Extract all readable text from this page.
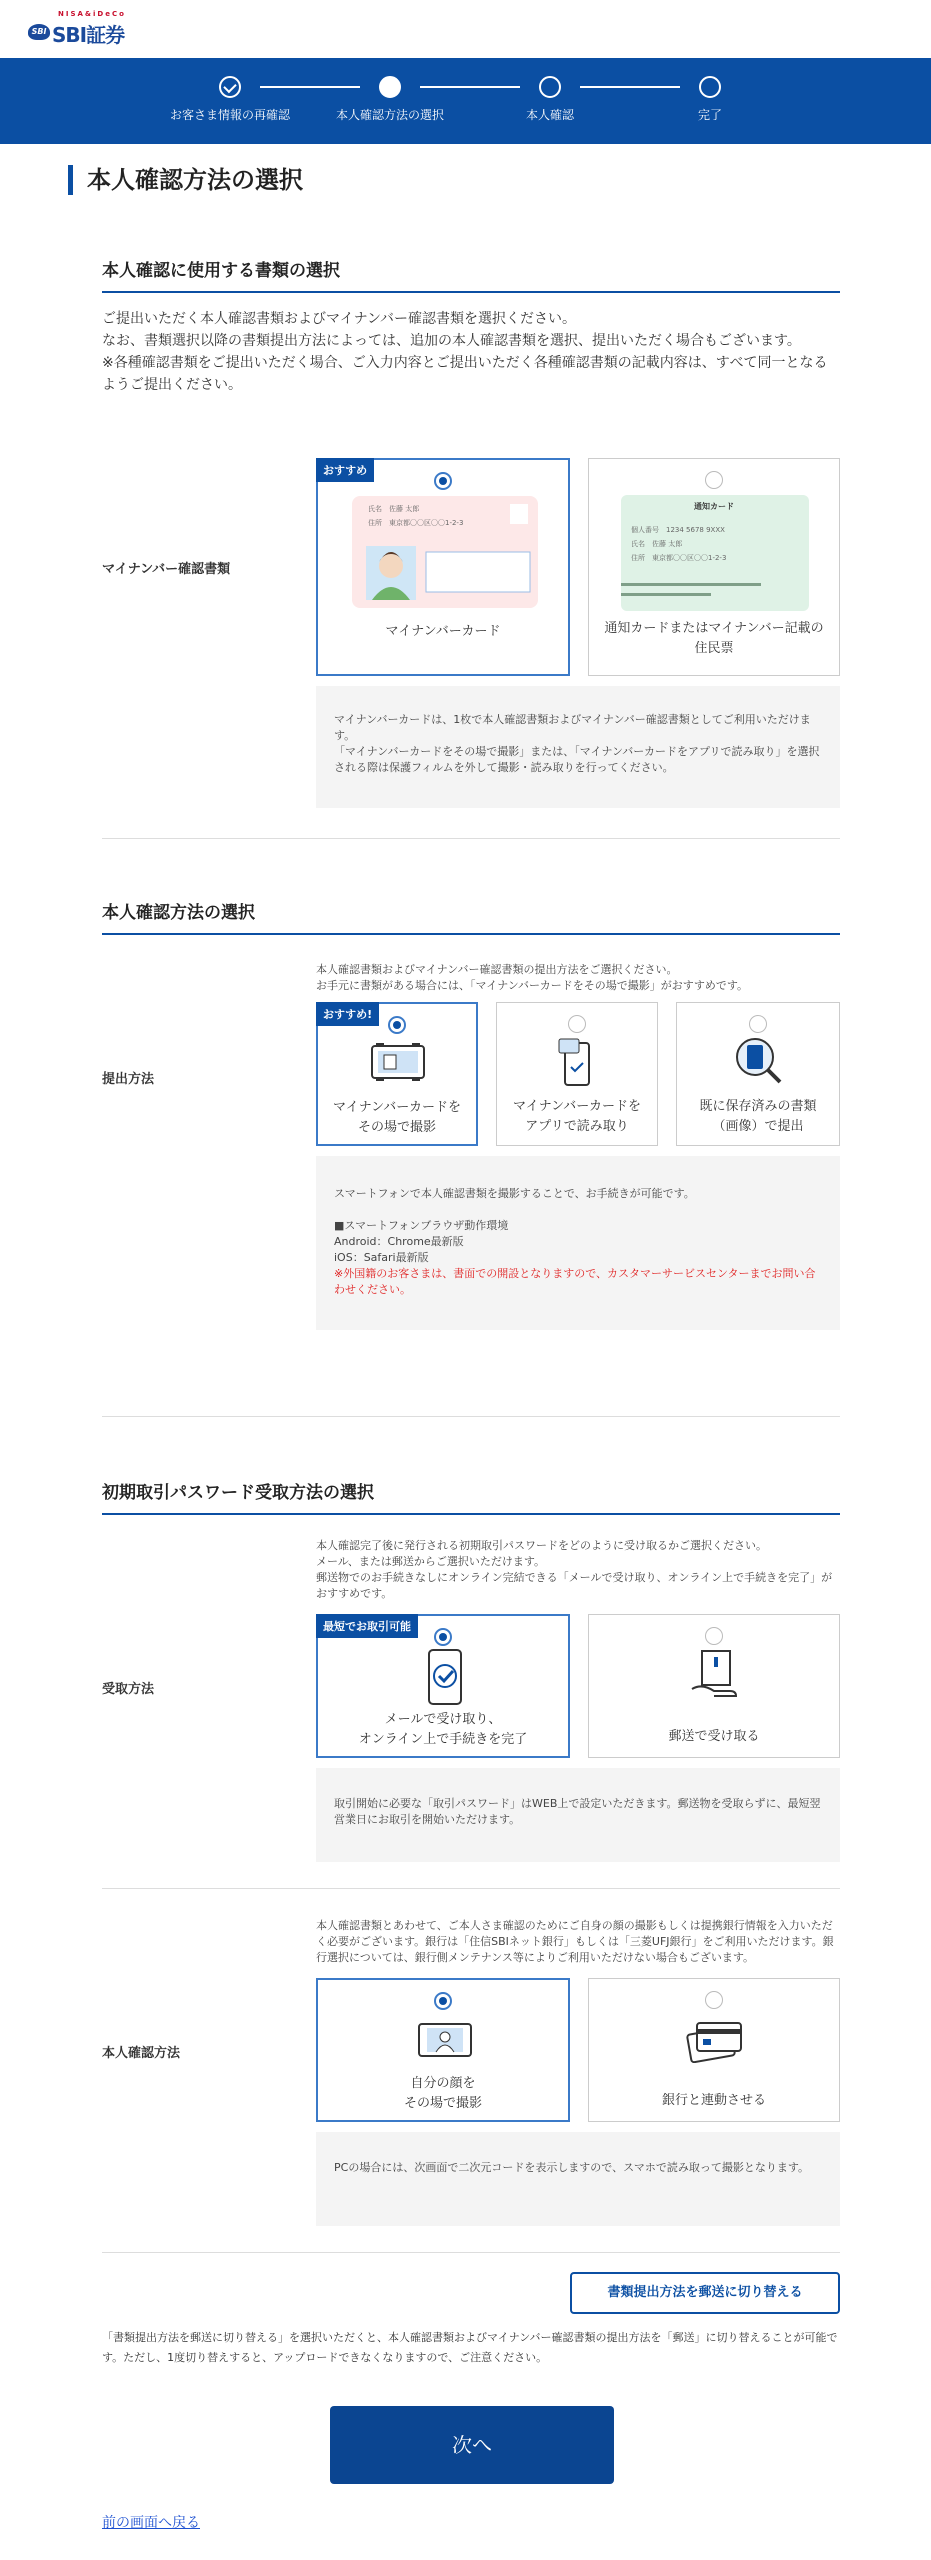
NISA&iDeCo
SBI SBI証券
お客さま情報の再確認	本人確認方法の選択	本人確認	完了
本人確認方法の選択
本人確認に使用する書類の選択
ご提出いただく本人確認書類およびマイナンバー確認書類を選択ください。
なお、書類選択以降の書類提出方法によっては、追加の本人確認書類を選択、提出いただく場合もございます。
※各種確認書類をご提出いただく場合、ご入力内容とご提出いただく各種確認書類の記載内容は、すべて同一となるようご提出ください。
マイナンバー確認書類
おすすめ
氏名　佐藤 太郎
住所　東京都〇〇区〇〇1-2-3
マイナンバーカード
通知カード
個人番号　1234 5678 9XXX
氏名　佐藤 太郎
住所　東京都〇〇区〇〇1-2-3
通知カードまたはマイナンバー記載の住民票
マイナンバーカードは、1枚で本人確認書類およびマイナンバー確認書類としてご利用いただけます。
「マイナンバーカードをその場で撮影」または、「マイナンバーカードをアプリで読み取り」を選択される際は保護フィルムを外して撮影・読み取りを行ってください。
本人確認方法の選択
本人確認書類およびマイナンバー確認書類の提出方法をご選択ください。
お手元に書類がある場合には、「マイナンバーカードをその場で撮影」がおすすめです。
提出方法
おすすめ!
マイナンバーカードを
その場で撮影
マイナンバーカードを
アプリで読み取り
既に保存済みの書類
（画像）で提出
スマートフォンで本人確認書類を撮影することで、お手続きが可能です。
■スマートフォンブラウザ動作環境
Android：Chrome最新版
iOS：Safari最新版
※外国籍のお客さまは、書面での開設となりますので、カスタマーサービスセンターまでお問い合わせください。
初期取引パスワード受取方法の選択
本人確認完了後に発行される初期取引パスワードをどのように受け取るかご選択ください。
メール、または郵送からご選択いただけます。
郵送物でのお手続きなしにオンライン完結できる「メールで受け取り、オンライン上で手続きを完了」がおすすめです。
受取方法
最短でお取引可能
メールで受け取り、
オンライン上で手続きを完了	郵送で受け取る
取引開始に必要な「取引パスワード」はWEB上で設定いただきます。郵送物を受取らずに、最短翌営業日にお取引を開始いただけます。
本人確認書類とあわせて、ご本人さま確認のためにご自身の顔の撮影もしくは提携銀行情報を入力いただく必要がございます。銀行は「住信SBIネット銀行」もしくは「三菱UFJ銀行」をご利用いただけます。銀行選択については、銀行側メンテナンス等によりご利用いただけない場合もございます。
本人確認方法
自分の顔を
その場で撮影	銀行と連動させる
PCの場合には、次画面で二次元コードを表示しますので、スマホで読み取って撮影となります。
書類提出方法を郵送に切り替える
「書類提出方法を郵送に切り替える」を選択いただくと、本人確認書類およびマイナンバー確認書類の提出方法を「郵送」に切り替えることが可能です。ただし、1度切り替えすると、アップロードできなくなりますので、ご注意ください。
次へ
前の画面へ戻る
